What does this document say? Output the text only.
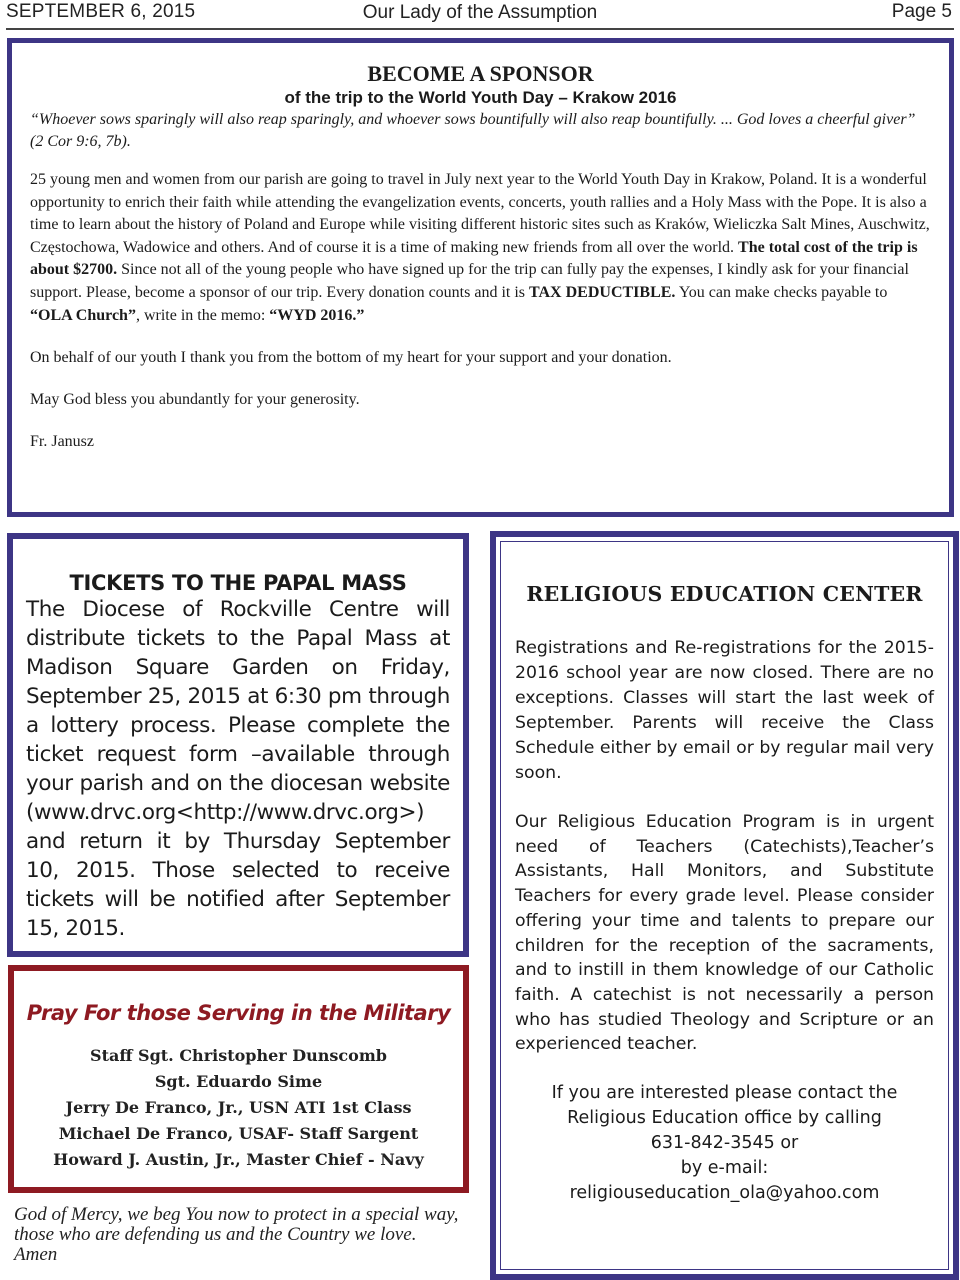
SEPTEMBER 6, 2015	Our Lady of the Assumption	Page 5
BECOME A SPONSOR
of the trip to the World Youth Day – Krakow 2016
“Whoever sows sparingly will also reap sparingly, and whoever sows bountifully will also reap bountifully. ... God loves a cheerful giver” (2 Cor 9:6, 7b).

25 young men and women from our parish are going to travel in July next year to the World Youth Day in Krakow, Poland. It is a wonderful opportunity to enrich their faith while attending the evangelization events, concerts, youth rallies and a Holy Mass with the Pope. It is also a time to learn about the history of Poland and Europe while visiting different historic sites such as Kraków, Wieliczka Salt Mines, Auschwitz, Częstochowa, Wadowice and others. And of course it is a time of making new friends from all over the world. The total cost of the trip is about $2700. Since not all of the young people who have signed up for the trip can fully pay the expenses, I kindly ask for your financial support. Please, become a sponsor of our trip. Every donation counts and it is TAX DEDUCTIBLE. You can make checks payable to “OLA Church”, write in the memo: “WYD 2016.”

On behalf of our youth I thank you from the bottom of my heart for your support and your donation.

May God bless you abundantly for your generosity.

Fr. Janusz

TICKETS TO THE PAPAL MASS

The Diocese of Rockville Centre will distribute tickets to the Papal Mass at Madison Square Garden on Friday, September 25, 2015 at 6:30 pm through a lottery process. Please complete the ticket request form –available through your parish and on the diocesan website (www.drvc.org<http://www.drvc.org>) and return it by Thursday September 10, 2015. Those selected to receive tickets will be notified after September 15, 2015.

Pray For those Serving in the Military
Staff Sgt. Christopher Dunscomb
Sgt. Eduardo Sime
Jerry De Franco, Jr., USN ATI 1st Class
Michael De Franco, USAF- Staff Sargent
Howard J. Austin, Jr., Master Chief - Navy

God of Mercy, we beg You now to protect in a special way, those who are defending us and the Country we love. Amen

RELIGIOUS EDUCATION CENTER

Registrations and Re-registrations for the 2015-2016 school year are now closed. There are no exceptions. Classes will start the last week of September. Parents will receive the Class Schedule either by email or by regular mail very soon.

Our Religious Education Program is in urgent need of Teachers (Catechists),Teacher’s Assistants, Hall Monitors, and Substitute Teachers for every grade level. Please consider offering your time and talents to prepare our children for the reception of the sacraments, and to instill in them knowledge of our Catholic faith. A catechist is not necessarily a person who has studied Theology and Scripture or an experienced teacher.

If you are interested please contact the Religious Education office by calling
631-842-3545 or
by e-mail:
religiouseducation_ola@yahoo.com
